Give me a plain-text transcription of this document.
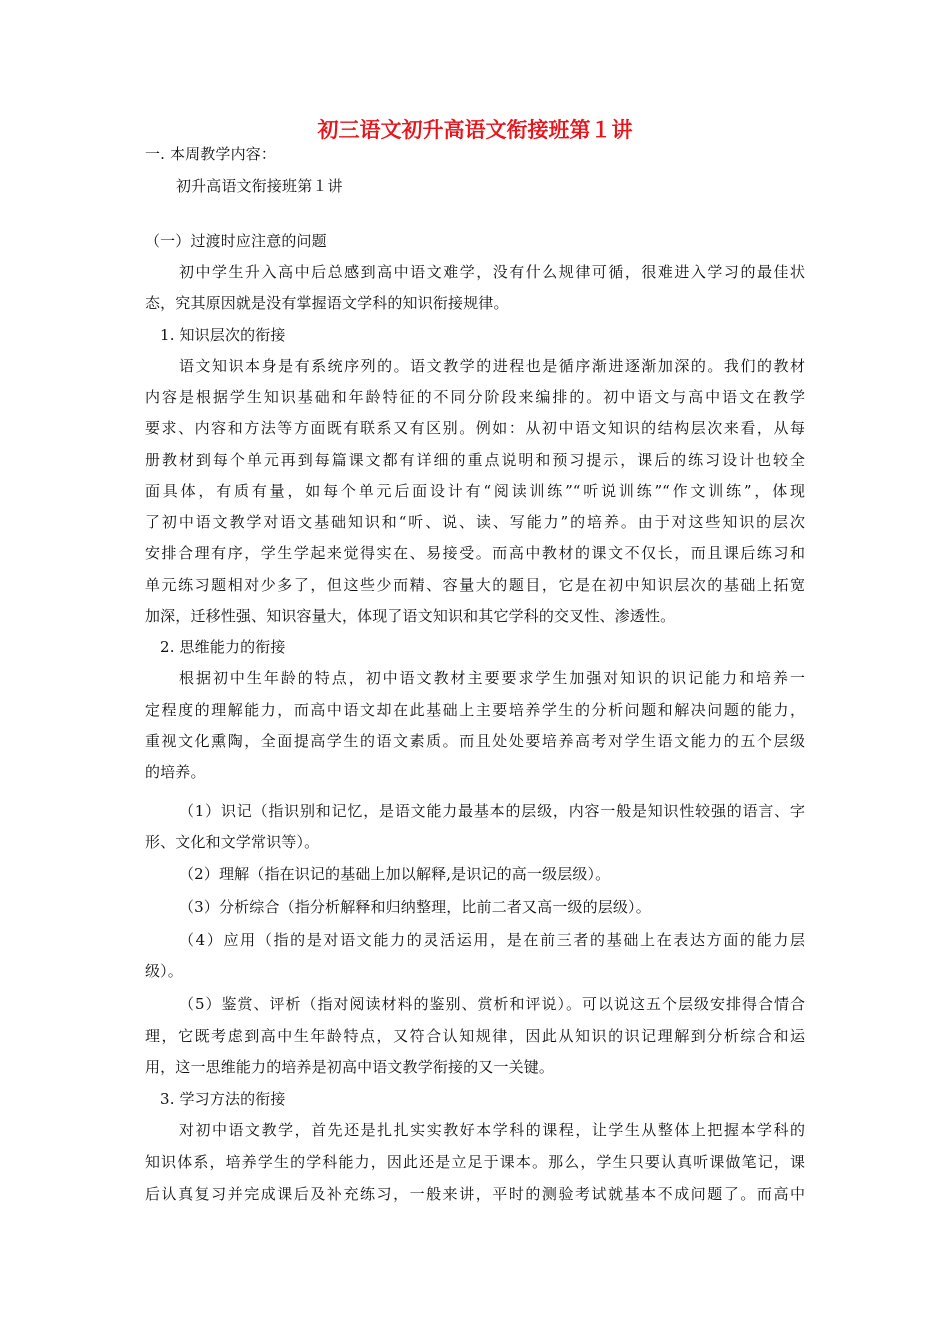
初三语文初升高语文衔接班第１讲
一. 本周教学内容：
初升高语文衔接班第１讲
（一）过渡时应注意的问题
初中学生升入高中后总感到高中语文难学，没有什么规律可循，很难进入学习的最佳状
态，究其原因就是没有掌握语文学科的知识衔接规律。
1. 知识层次的衔接
语文知识本身是有系统序列的。语文教学的进程也是循序渐进逐渐加深的。我们的教材
内容是根据学生知识基础和年龄特征的不同分阶段来编排的。初中语文与高中语文在教学
要求、内容和方法等方面既有联系又有区别。例如：从初中语文知识的结构层次来看，从每
册教材到每个单元再到每篇课文都有详细的重点说明和预习提示，课后的练习设计也较全
面具体，有质有量，如每个单元后面设计有“阅读训练”“听说训练”“作文训练”，体现
了初中语文教学对语文基础知识和“听、说、读、写能力”的培养。由于对这些知识的层次
安排合理有序，学生学起来觉得实在、易接受。而高中教材的课文不仅长，而且课后练习和
单元练习题相对少多了，但这些少而精、容量大的题目，它是在初中知识层次的基础上拓宽
加深，迁移性强、知识容量大，体现了语文知识和其它学科的交叉性、渗透性。
2. 思维能力的衔接
根据初中生年龄的特点，初中语文教材主要要求学生加强对知识的识记能力和培养一
定程度的理解能力，而高中语文却在此基础上主要培养学生的分析问题和解决问题的能力，
重视文化熏陶，全面提高学生的语文素质。而且处处要培养高考对学生语文能力的五个层级
的培养。
（1）识记（指识别和记忆，是语文能力最基本的层级，内容一般是知识性较强的语言、字
形、文化和文学常识等）。
（2）理解（指在识记的基础上加以解释,是识记的高一级层级）。
（3）分析综合（指分析解释和归纳整理，比前二者又高一级的层级）。
（4）应用（指的是对语文能力的灵活运用，是在前三者的基础上在表达方面的能力层
级）。
（5）鉴赏、评析（指对阅读材料的鉴别、赏析和评说）。可以说这五个层级安排得合情合
理，它既考虑到高中生年龄特点，又符合认知规律，因此从知识的识记理解到分析综合和运
用，这一思维能力的培养是初高中语文教学衔接的又一关键。
3. 学习方法的衔接
对初中语文教学，首先还是扎扎实实教好本学科的课程，让学生从整体上把握本学科的
知识体系，培养学生的学科能力，因此还是立足于课本。那么，学生只要认真听课做笔记，课
后认真复习并完成课后及补充练习，一般来讲，平时的测验考试就基本不成问题了。而高中
